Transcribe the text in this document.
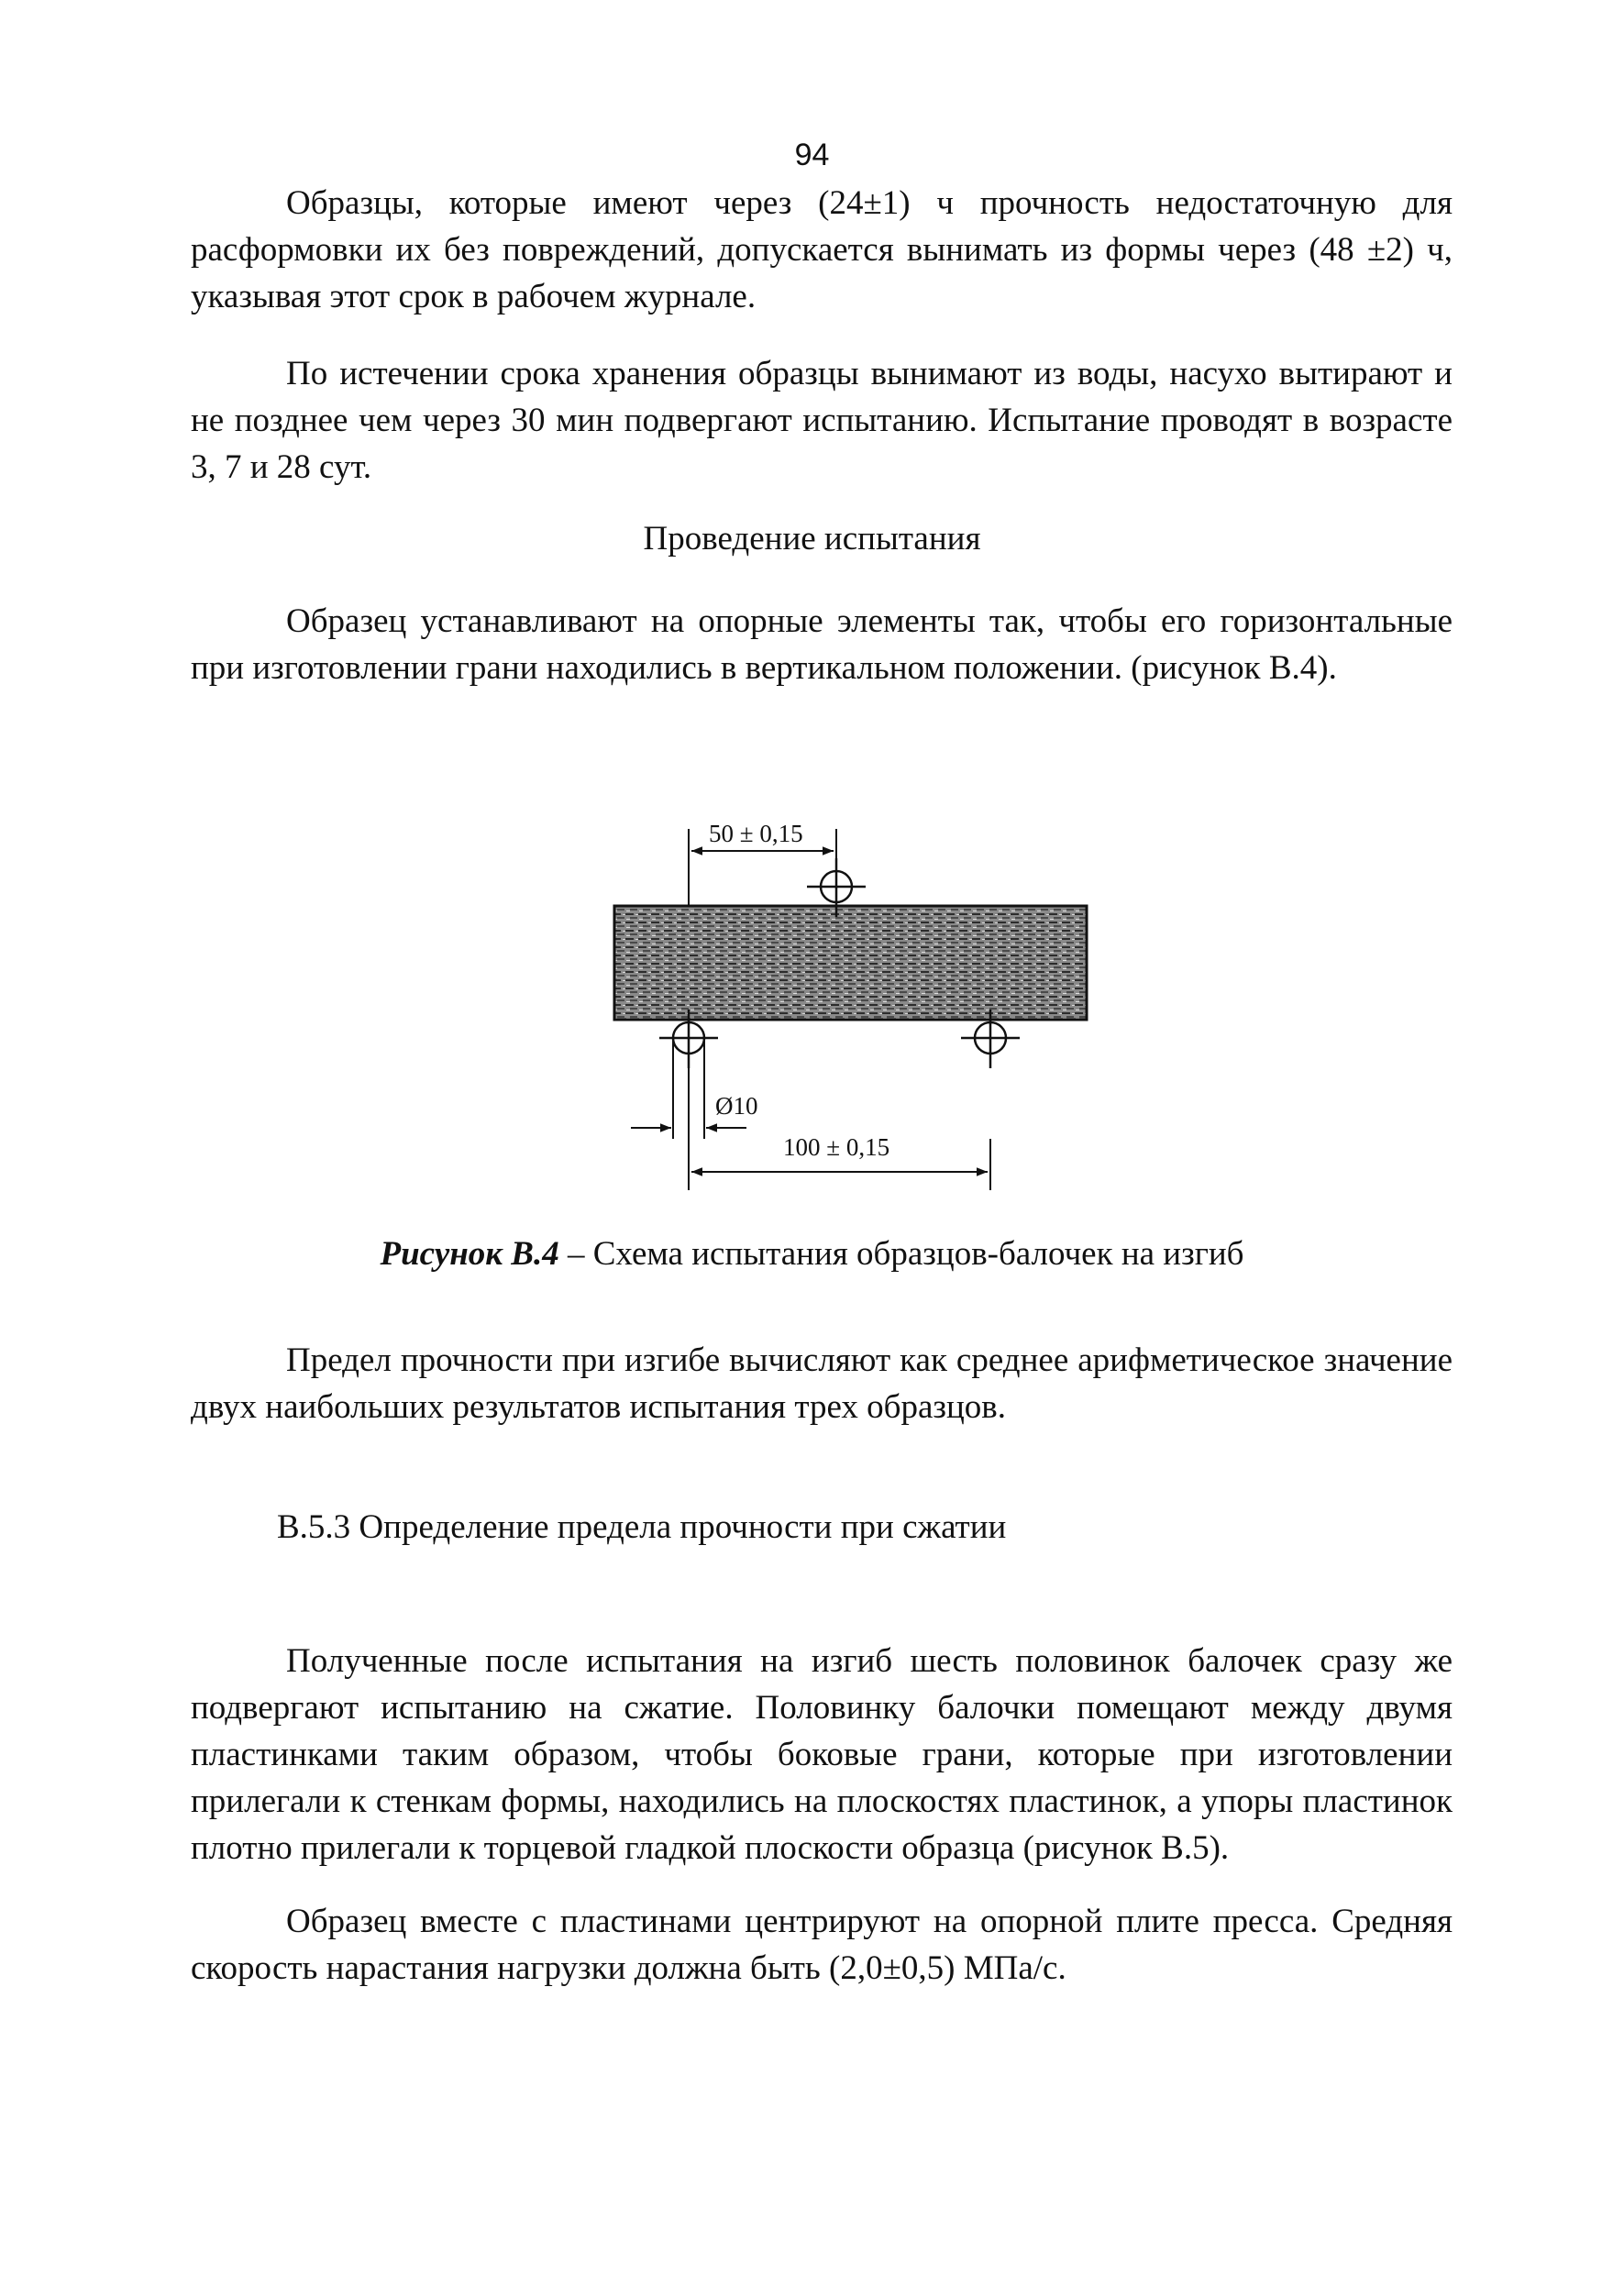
94

Образцы, которые имеют через (24±1) ч прочность недостаточную для расформовки их без повреждений, допускается вынимать из формы через (48 ±2) ч, указывая этот срок в рабочем журнале.

По истечении срока хранения образцы вынимают из воды, насухо вытирают и не позднее чем через 30 мин подвергают испытанию. Испытание проводят в возрасте 3, 7 и 28 сут.

Проведение испытания

Образец устанавливают на опорные элементы так, чтобы его горизонтальные при изготовлении грани находились в вертикальном положении. (рисунок В.4).

50 ± 0,15
Ø10
100 ± 0,15

Рисунок В.4 – Схема испытания образцов-балочек на изгиб

Предел прочности при изгибе вычисляют как среднее арифметическое значение двух наибольших результатов испытания трех образцов.

В.5.3 Определение предела прочности при сжатии

Полученные после испытания на изгиб шесть половинок балочек сразу же подвергают испытанию на сжатие. Половинку балочки помещают между двумя пластинками таким образом, чтобы боковые грани, которые при изготовлении прилегали к стенкам формы, находились на плоскостях пластинок, а упоры пластинок плотно прилегали к торцевой гладкой плоскости образца (рисунок В.5).

Образец вместе с пластинами центрируют на опорной плите пресса. Средняя скорость нарастания нагрузки должна быть (2,0±0,5) МПа/с.
